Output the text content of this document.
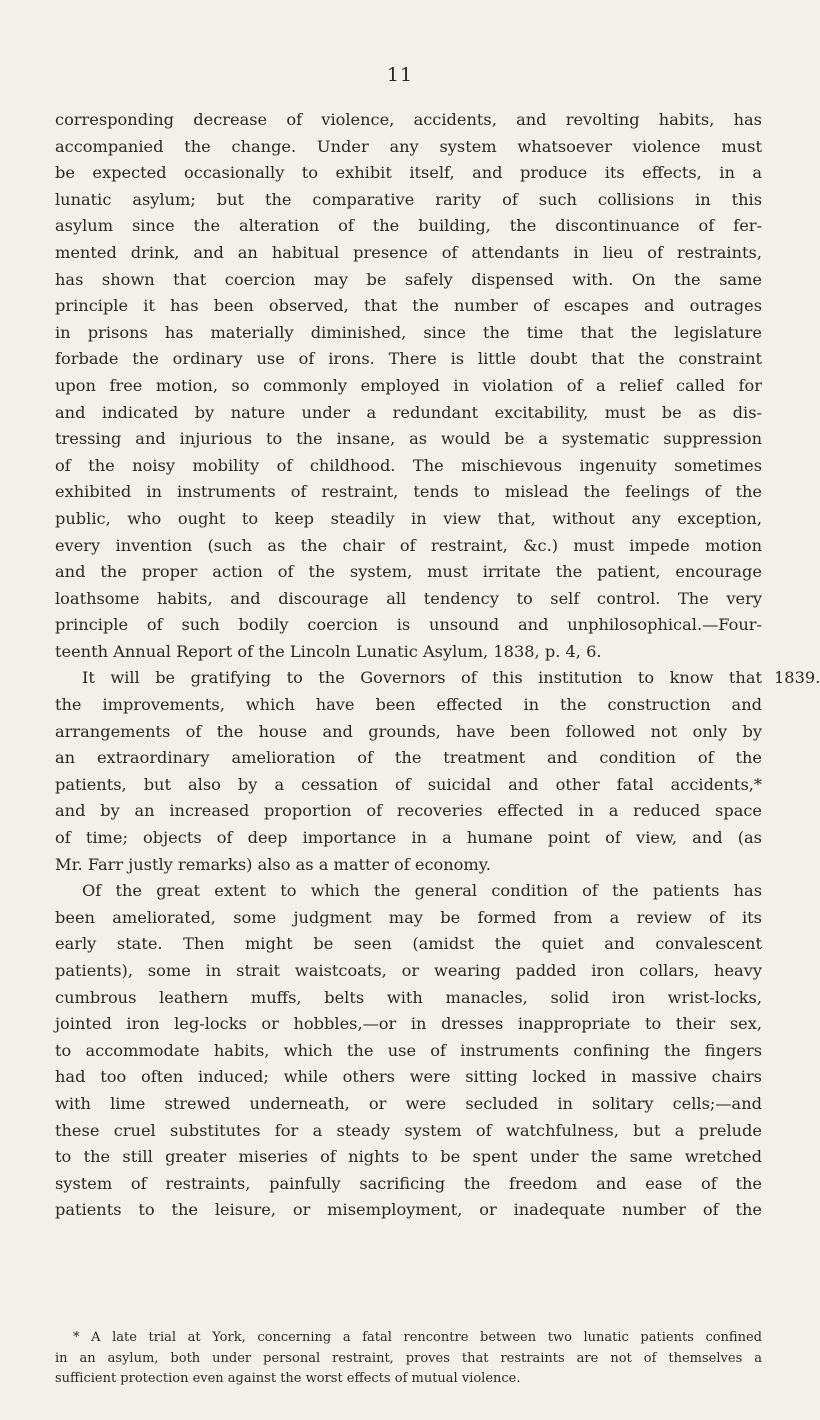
11
corresponding decrease of violence, accidents, and revolting habits, has
accompanied the change. Under any system whatsoever violence must
be expected occasionally to exhibit itself, and produce its effects, in a
lunatic asylum; but the comparative rarity of such collisions in this
asylum since the alteration of the building, the discontinuance of fer-
mented drink, and an habitual presence of attendants in lieu of restraints,
has shown that coercion may be safely dispensed with. On the same
principle it has been observed, that the number of escapes and outrages
in prisons has materially diminished, since the time that the legislature
forbade the ordinary use of irons. There is little doubt that the constraint
upon free motion, so commonly employed in violation of a relief called for
and indicated by nature under a redundant excitability, must be as dis-
tressing and injurious to the insane, as would be a systematic suppression
of the noisy mobility of childhood. The mischievous ingenuity sometimes
exhibited in instruments of restraint, tends to mislead the feelings of the
public, who ought to keep steadily in view that, without any exception,
every invention (such as the chair of restraint, &c.) must impede motion
and the proper action of the system, must irritate the patient, encourage
loathsome habits, and discourage all tendency to self control. The very
principle of such bodily coercion is unsound and unphilosophical.—Four-
teenth Annual Report of the Lincoln Lunatic Asylum, 1838, p. 4, 6.
It will be gratifying to the Governors of this institution to know that
the improvements, which have been effected in the construction and
arrangements of the house and grounds, have been followed not only by
an extraordinary amelioration of the treatment and condition of the
patients, but also by a cessation of suicidal and other fatal accidents,*
and by an increased proportion of recoveries effected in a reduced space
of time; objects of deep importance in a humane point of view, and (as
Mr. Farr justly remarks) also as a matter of economy.
Of the great extent to which the general condition of the patients has
been ameliorated, some judgment may be formed from a review of its
early state. Then might be seen (amidst the quiet and convalescent
patients), some in strait waistcoats, or wearing padded iron collars, heavy
cumbrous leathern muffs, belts with manacles, solid iron wrist-locks,
jointed iron leg-locks or hobbles,—or in dresses inappropriate to their sex,
to accommodate habits, which the use of instruments confining the fingers
had too often induced; while others were sitting locked in massive chairs
with lime strewed underneath, or were secluded in solitary cells;—and
these cruel substitutes for a steady system of watchfulness, but a prelude
to the still greater miseries of nights to be spent under the same wretched
system of restraints, painfully sacrificing the freedom and ease of the
patients to the leisure, or misemployment, or inadequate number of the
1839.
* A late trial at York, concerning a fatal rencontre between two lunatic patients confined
in an asylum, both under personal restraint, proves that restraints are not of themselves a
sufficient protection even against the worst effects of mutual violence.
